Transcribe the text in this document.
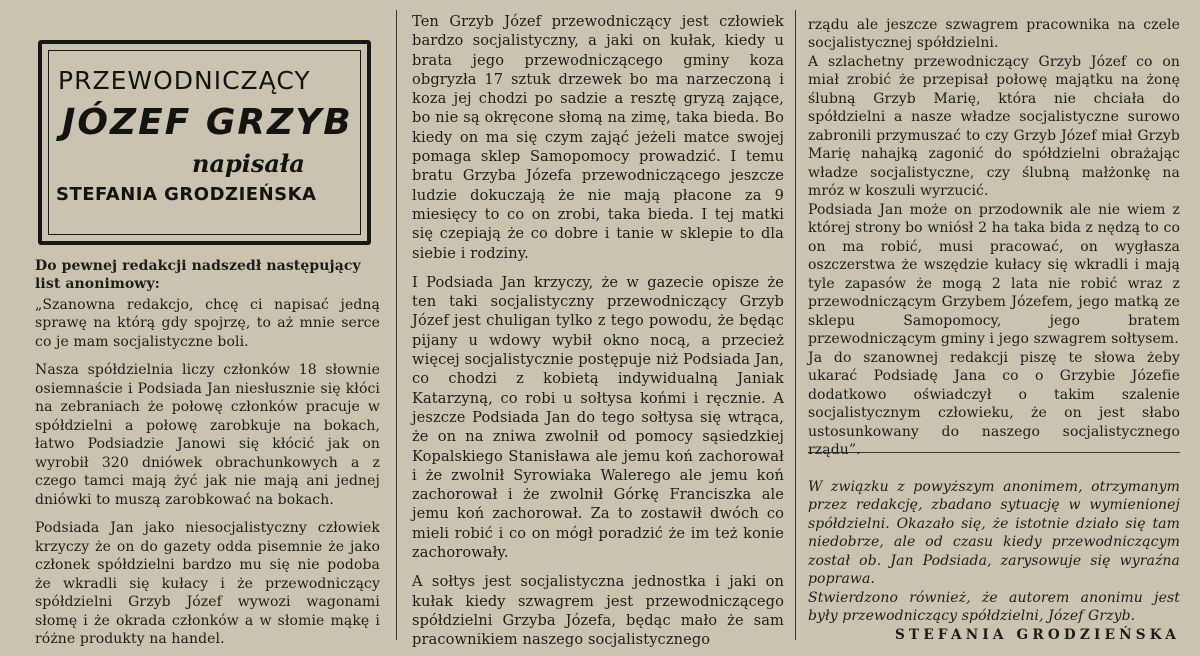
PRZEWODNICZĄCY
JÓZEF GRZYB
napisała
STEFANIA GRODZIEŃSKA

Do pewnej redakcji nadszedł następujący list anonimowy:

„Szanowna redakcjo, chcę ci napisać jedną sprawę na którą gdy spojrzę, to aż mnie serce co je mam socjalistyczne boli.

Nasza spółdzielnia liczy członków 18 słownie osiemnaście i Podsiada Jan niesłusznie się kłóci na zebraniach że połowę członków pracuje w spółdzielni a połowę zarobkuje na bokach, łatwo Podsiadzie Janowi się kłócić jak on wyrobił 320 dniówek obrachunkowych a z czego tamci mają żyć jak nie mają ani jednej dniówki to muszą zarobkować na bokach.

Podsiada Jan jako niesocjalistyczny człowiek krzyczy że on do gazety odda pisemnie że jako członek spółdzielni bardzo mu się nie podoba że wkradli się kułacy i że przewodniczący spółdzielni Grzyb Józef wywozi wagonami słomę i że okrada członków a w słomie mąkę i różne produkty na handel.

Ten Grzyb Józef przewodniczący jest człowiek bardzo socjalistyczny, a jaki on kułak, kiedy u brata jego przewodniczącego gminy koza obgryzła 17 sztuk drzewek bo ma narzeczoną i koza jej chodzi po sadzie a resztę gryzą zające, bo nie są okręcone słomą na zimę, taka bieda. Bo kiedy on ma się czym zająć jeżeli matce swojej pomaga sklep Samopomocy prowadzić. I temu bratu Grzyba Józefa przewodniczącego jeszcze ludzie dokuczają że nie mają płacone za 9 miesięcy to co on zrobi, taka bieda. I tej matki się czepiają że co dobre i tanie w sklepie to dla siebie i rodziny.

I Podsiada Jan krzyczy, że w gazecie opisze że ten taki socjalistyczny przewodniczący Grzyb Józef jest chuligan tylko z tego powodu, że będąc pijany u wdowy wybił okno nocą, a przecież więcej socjalistycznie postępuje niż Podsiada Jan, co chodzi z kobietą indywidualną Janiak Katarzyną, co robi u sołtysa końmi i ręcznie. A jeszcze Podsiada Jan do tego sołtysa się wtrąca, że on na zniwa zwolnił od pomocy sąsiedzkiej Kopalskiego Stanisława ale jemu koń zachorował i że zwolnił Syrowiaka Walerego ale jemu koń zachorował i że zwolnił Górkę Franciszka ale jemu koń zachorował. Za to zostawił dwóch co mieli robić i co on mógł poradzić że im też konie zachorowały.

A sołtys jest socjalistyczna jednostka i jaki on kułak kiedy szwagrem jest przewodniczącego spółdzielni Grzyba Józefa, będąc mało że sam pracownikiem naszego socjalistycznego

rządu ale jeszcze szwagrem pracownika na czele socjalistycznej spółdzielni.

A szlachetny przewodniczący Grzyb Józef co on miał zrobić że przepisał połowę majątku na żonę ślubną Grzyb Marię, która nie chciała do spółdzielni a nasze władze socjalistyczne surowo zabronili przymuszać to czy Grzyb Józef miał Grzyb Marię nahajką zagonić do spółdzielni obrażając władze socjalistyczne, czy ślubną małżonkę na mróz w koszuli wyrzucić.

Podsiada Jan może on przodownik ale nie wiem z której strony bo wniósł 2 ha taka bida z nędzą to co on ma robić, musi pracować, on wygłasza oszczerstwa że wszędzie kułacy się wkradli i mają tyle zapasów że mogą 2 lata nie robić wraz z przewodniczącym Grzybem Józefem, jego matką ze sklepu Samopomocy, jego bratem przewodniczącym gminy i jego szwagrem sołtysem.

Ja do szanownej redakcji piszę te słowa żeby ukarać Podsiadę Jana co o Grzybie Józefie dodatkowo oświadczył o takim szalenie socjalistycznym człowieku, że on jest słabo ustosunkowany do naszego socjalistycznego rządu”.

W związku z powyższym anonimem, otrzymanym przez redakcję, zbadano sytuację w wymienionej spółdzielni. Okazało się, że istotnie działo się tam niedobrze, ale od czasu kiedy przewodniczącym został ob. Jan Podsiada, zarysowuje się wyraźna poprawa.

Stwierdzono również, że autorem anonimu jest były przewodniczący spółdzielni, Józef Grzyb.

STEFANIA GRODZIEŃSKA
